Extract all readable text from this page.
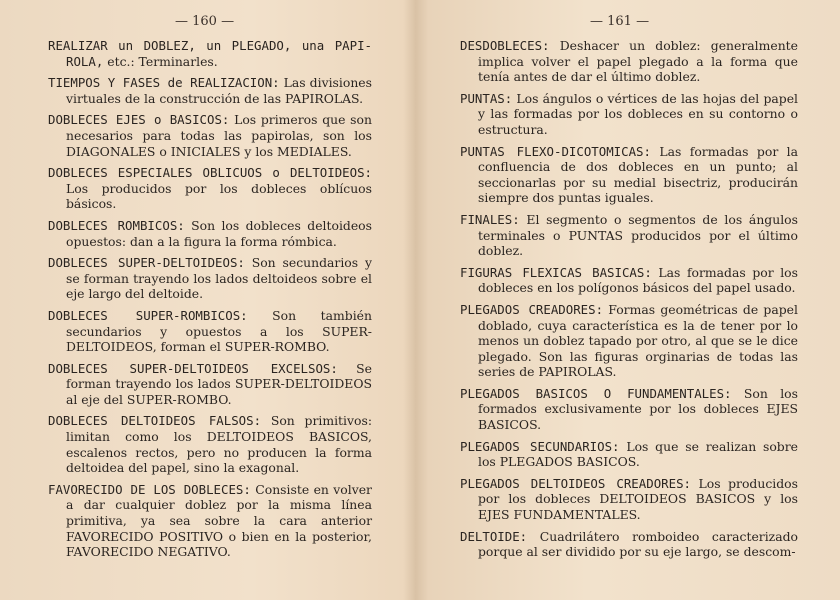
— 160 —

REALIZAR un DOBLEZ, un PLEGADO, una PAPI-ROLA, etc.: Terminarles.

TIEMPOS Y FASES de REALIZACION: Las divisiones virtuales de la construcción de las PAPIROLAS.

DOBLECES EJES o BASICOS: Los primeros que son necesarios para todas las papirolas, son los DIAGONALES o INICIALES y los MEDIALES.

DOBLECES ESPECIALES OBLICUOS o DELTOIDEOS: Los producidos por los dobleces oblícuos básicos.

DOBLECES ROMBICOS: Son los dobleces deltoideos opuestos: dan a la figura la forma rómbica.

DOBLECES SUPER-DELTOIDEOS: Son secundarios y se forman trayendo los lados deltoideos sobre el eje largo del deltoide.

DOBLECES SUPER-ROMBICOS: Son también secundarios y opuestos a los SUPER-DELTOIDEOS, forman el SUPER-ROMBO.

DOBLECES SUPER-DELTOIDEOS EXCELSOS: Se forman trayendo los lados SUPER-DELTOIDEOS al eje del SUPER-ROMBO.

DOBLECES DELTOIDEOS FALSOS: Son primitivos: limitan como los DELTOIDEOS BASICOS, escalenos rectos, pero no producen la forma deltoidea del papel, sino la exagonal.

FAVORECIDO DE LOS DOBLECES: Consiste en volver a dar cualquier doblez por la misma línea primitiva, ya sea sobre la cara anterior FAVORECIDO POSITIVO o bien en la posterior, FAVORECIDO NEGATIVO.

— 161 —

DESDOBLECES: Deshacer un doblez: generalmente implica volver el papel plegado a la forma que tenía antes de dar el último doblez.

PUNTAS: Los ángulos o vértices de las hojas del papel y las formadas por los dobleces en su contorno o estructura.

PUNTAS FLEXO-DICOTOMICAS: Las formadas por la confluencia de dos dobleces en un punto; al seccionarlas por su medial bisectriz, producirán siempre dos puntas iguales.

FINALES: El segmento o segmentos de los ángulos terminales o PUNTAS producidos por el último doblez.

FIGURAS FLEXICAS BASICAS: Las formadas por los dobleces en los polígonos básicos del papel usado.

PLEGADOS CREADORES: Formas geométricas de papel doblado, cuya característica es la de tener por lo menos un doblez tapado por otro, al que se le dice plegado. Son las figuras orginarias de todas las series de PAPIROLAS.

PLEGADOS BASICOS O FUNDAMENTALES: Son los formados exclusivamente por los dobleces EJES BASICOS.

PLEGADOS SECUNDARIOS: Los que se realizan sobre los PLEGADOS BASICOS.

PLEGADOS DELTOIDEOS CREADORES: Los producidos por los dobleces DELTOIDEOS BASICOS y los EJES FUNDAMENTALES.

DELTOIDE: Cuadrilátero romboideo caracterizado porque al ser dividido por su eje largo, se descom-
